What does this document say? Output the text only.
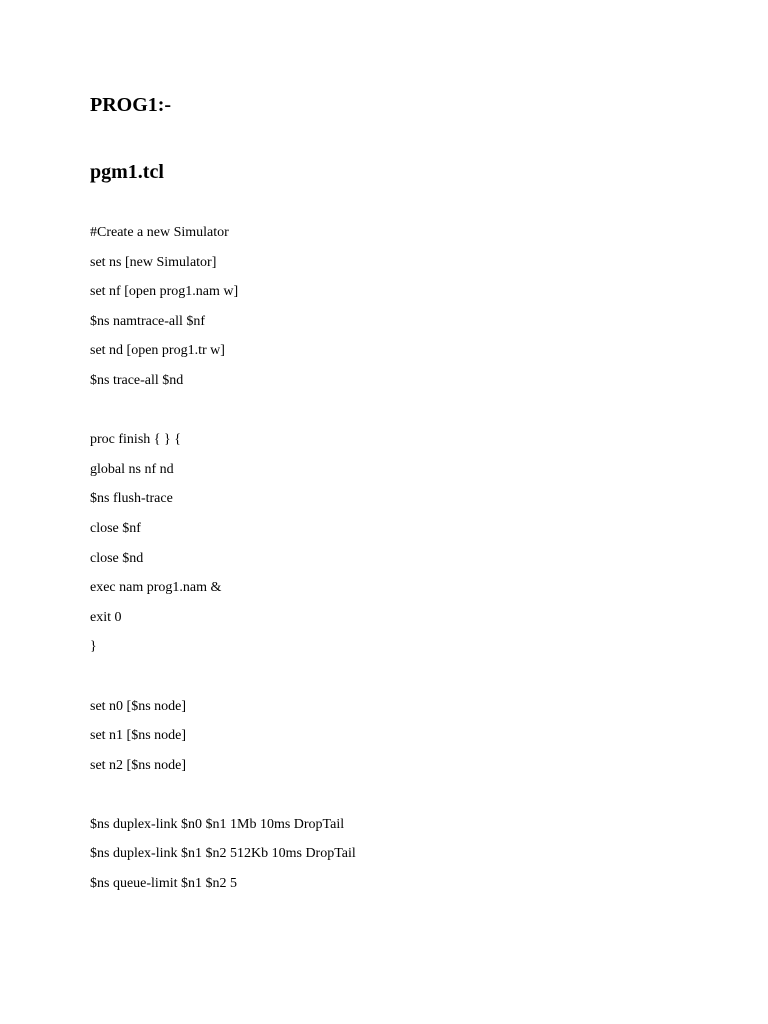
PROG1:-
pgm1.tcl
#Create a new Simulator
set ns [new Simulator]
set nf [open prog1.nam w]
$ns namtrace-all $nf
set nd [open prog1.tr w]
$ns trace-all $nd
proc finish { } {
global ns nf nd
$ns flush-trace
close $nf
close $nd
exec nam prog1.nam &
exit 0
}
set n0 [$ns node]
set n1 [$ns node]
set n2 [$ns node]
$ns duplex-link $n0 $n1 1Mb 10ms DropTail
$ns duplex-link $n1 $n2 512Kb 10ms DropTail
$ns queue-limit $n1 $n2 5
